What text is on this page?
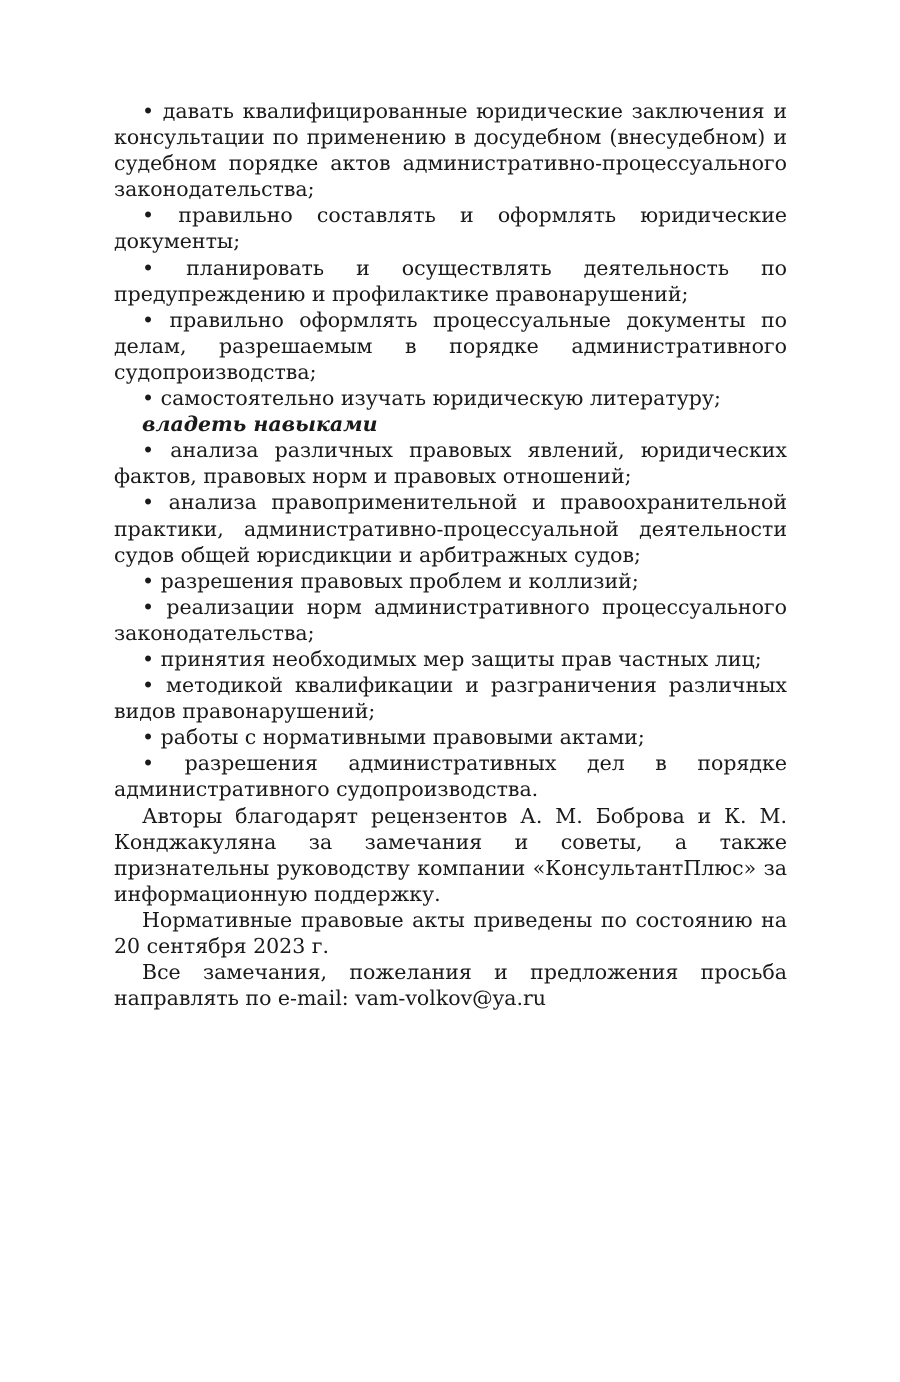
• давать квалифицированные юридические заключения и консультации по применению в досудебном (внесудебном) и судебном порядке актов административно-процессуального законодательства;

• правильно составлять и оформлять юридические документы;

• планировать и осуществлять деятельность по предупреждению и профилактике правонарушений;

• правильно оформлять процессуальные документы по делам, разрешаемым в порядке административного судопроизводства;

• самостоятельно изучать юридическую литературу;

владеть навыками

• анализа различных правовых явлений, юридических фактов, правовых норм и правовых отношений;

• анализа правоприменительной и правоохранительной практики, административно-процессуальной деятельности судов общей юрисдикции и арбитражных судов;

• разрешения правовых проблем и коллизий;

• реализации норм административного процессуального законодательства;

• принятия необходимых мер защиты прав частных лиц;

• методикой квалификации и разграничения различных видов правонарушений;

• работы с нормативными правовыми актами;

• разрешения административных дел в порядке административного судопроизводства.

Авторы благодарят рецензентов А. М. Боброва и К. М. Конджакуляна за замечания и советы, а также признательны руководству компании «КонсультантПлюс» за информационную поддержку.

Нормативные правовые акты приведены по состоянию на 20 сентября 2023 г.

Все замечания, пожелания и предложения просьба направлять по e-mail: vam-volkov@ya.ru
